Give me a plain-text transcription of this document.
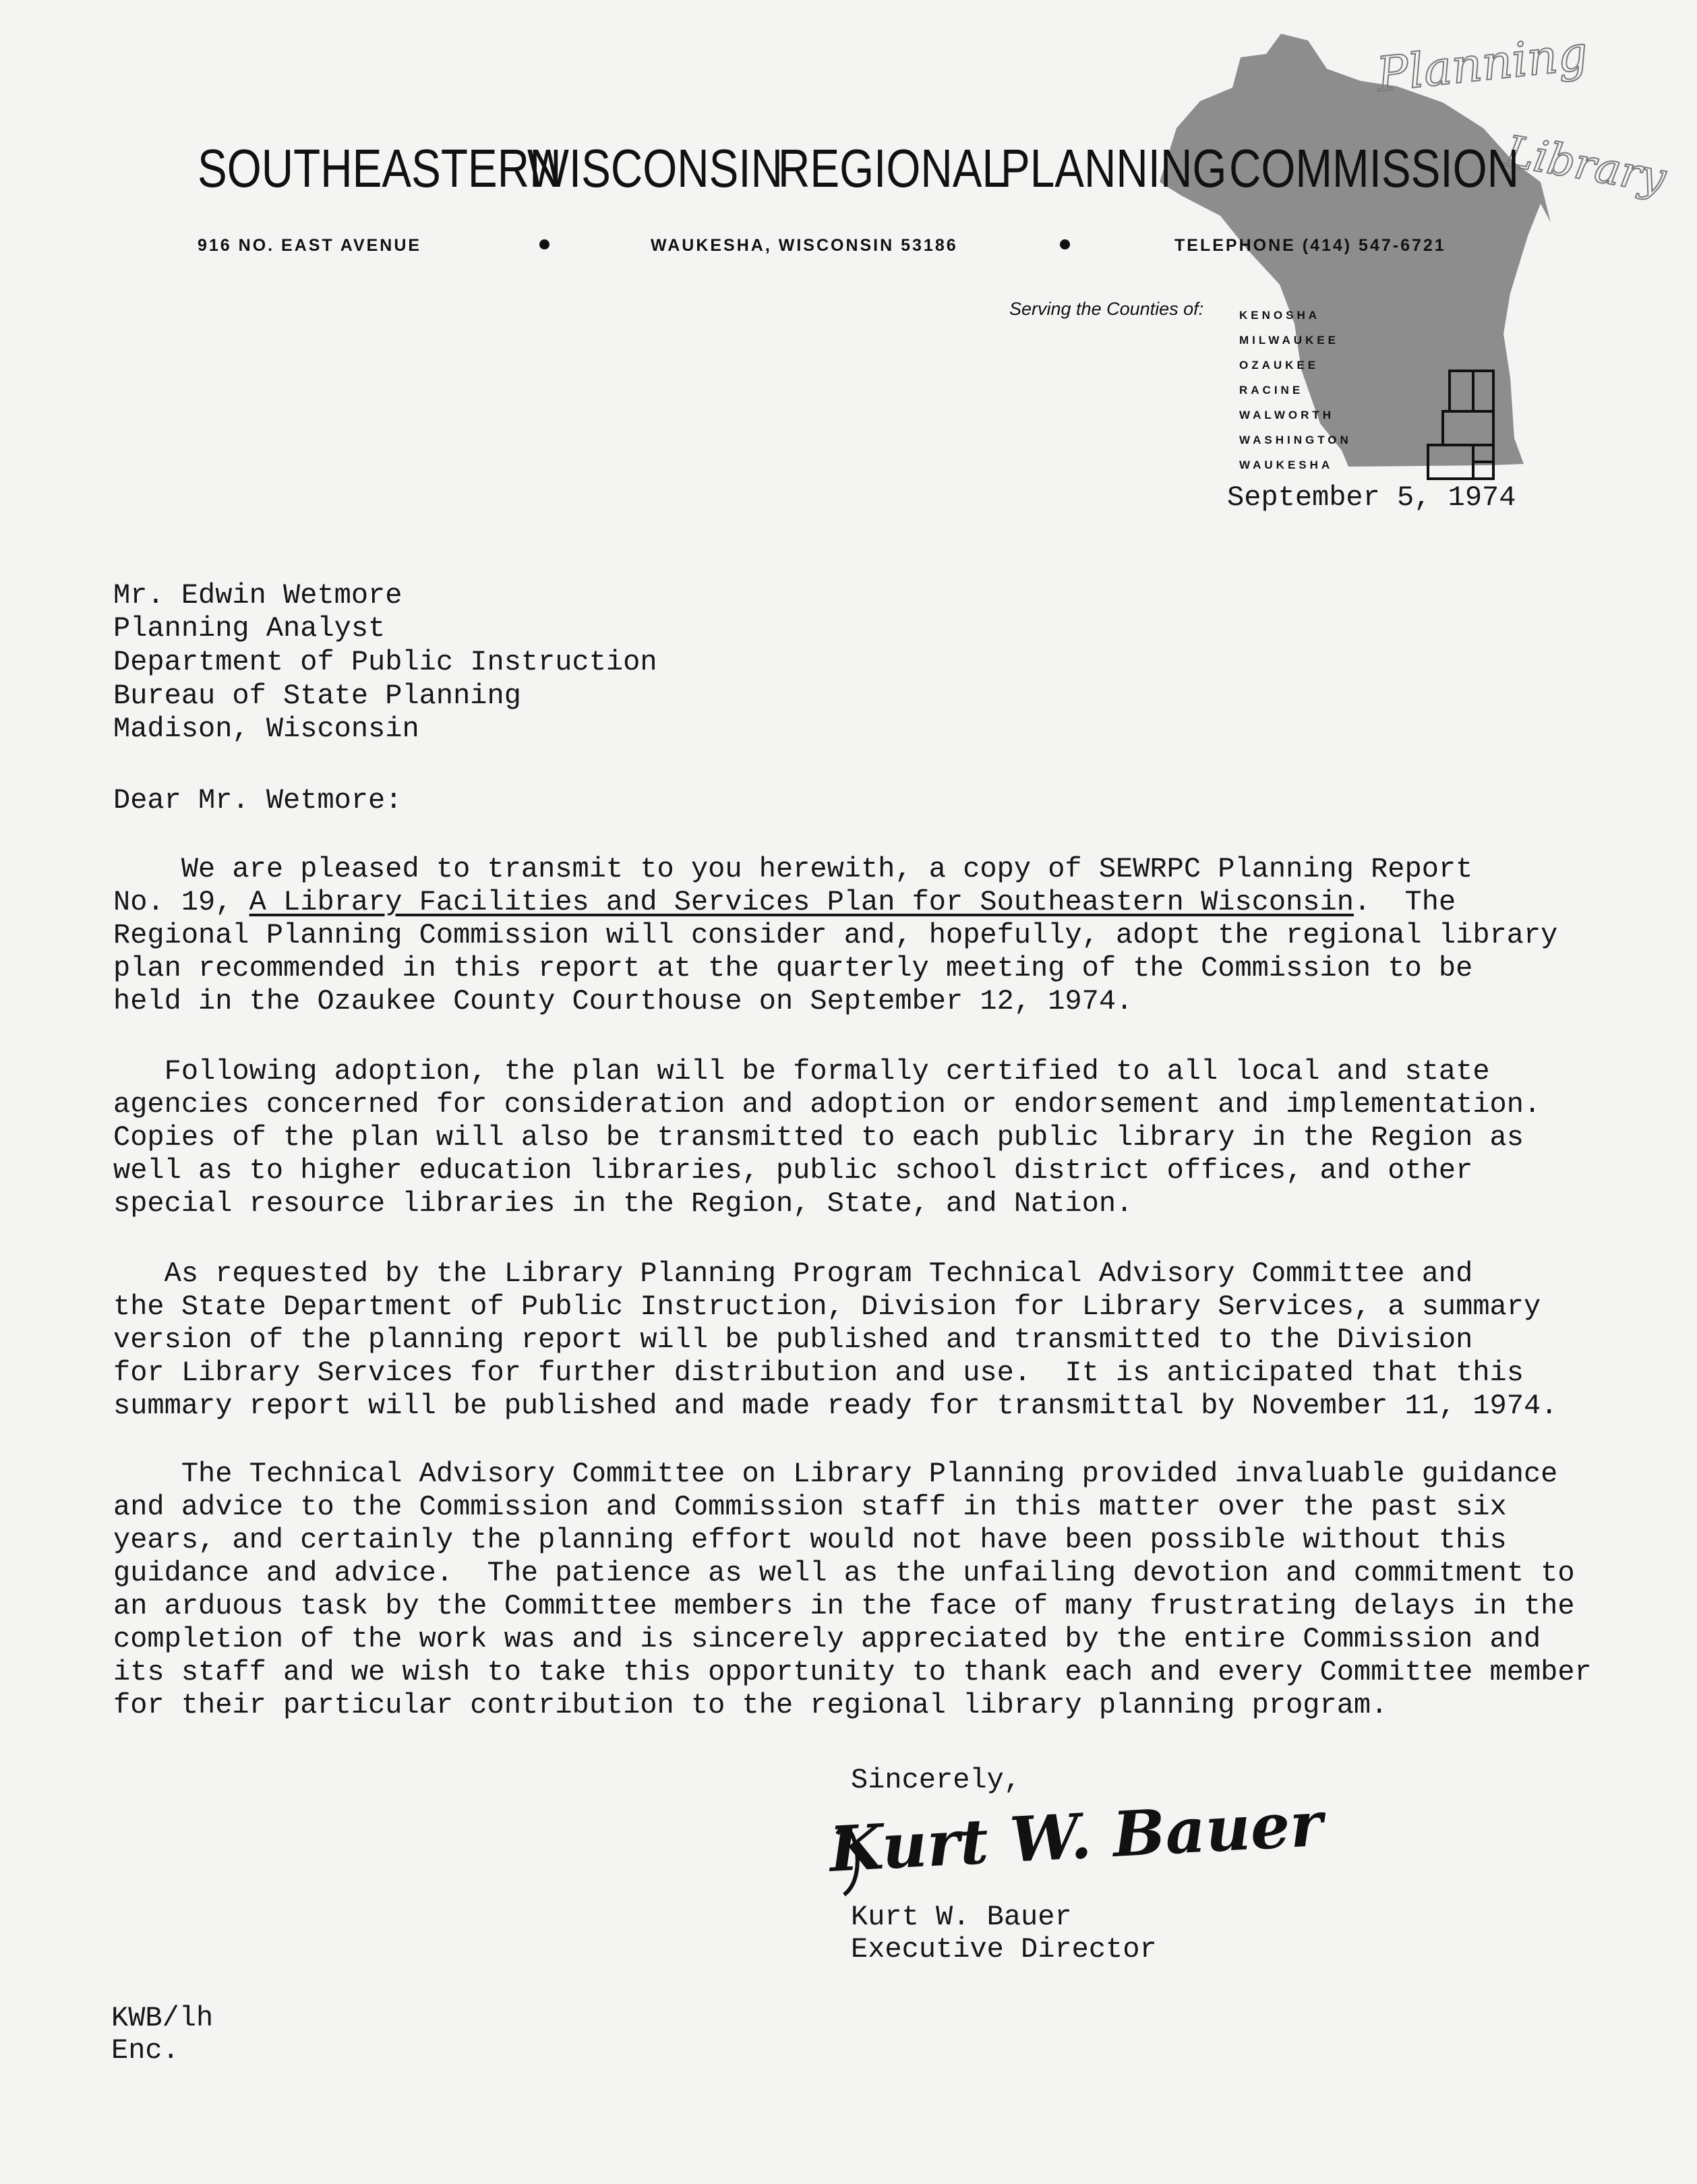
Planning
Library
SOUTHEASTERN
WISCONSIN
REGIONAL
PLANNING COMMISSION
916 NO. EAST AVENUE	WAUKESHA, WISCONSIN 53186	TELEPHONE (414) 547-6721
Serving the Counties of:	KENOSHA
MILWAUKEE
OZAUKEE
RACINE
WALWORTH
WASHINGTON
WAUKESHA
September 5, 1974
Mr. Edwin Wetmore
Planning Analyst
Department of Public Instruction
Bureau of State Planning
Madison, Wisconsin
Dear Mr. Wetmore:
We are pleased to transmit to you herewith, a copy of SEWRPC Planning Report
No. 19, A Library Facilities and Services Plan for Southeastern Wisconsin.  The
Regional Planning Commission will consider and, hopefully, adopt the regional library
plan recommended in this report at the quarterly meeting of the Commission to be
held in the Ozaukee County Courthouse on September 12, 1974.
Following adoption, the plan will be formally certified to all local and state
agencies concerned for consideration and adoption or endorsement and implementation.
Copies of the plan will also be transmitted to each public library in the Region as
well as to higher education libraries, public school district offices, and other
special resource libraries in the Region, State, and Nation.
As requested by the Library Planning Program Technical Advisory Committee and
the State Department of Public Instruction, Division for Library Services, a summary
version of the planning report will be published and transmitted to the Division
for Library Services for further distribution and use.  It is anticipated that this
summary report will be published and made ready for transmittal by November 11, 1974.
The Technical Advisory Committee on Library Planning provided invaluable guidance
and advice to the Commission and Commission staff in this matter over the past six
years, and certainly the planning effort would not have been possible without this
guidance and advice.  The patience as well as the unfailing devotion and commitment to
an arduous task by the Committee members in the face of many frustrating delays in the
completion of the work was and is sincerely appreciated by the entire Commission and
its staff and we wish to take this opportunity to thank each and every Committee member
for their particular contribution to the regional library planning program.
Sincerely,
Kurt W. Bauer
Kurt W. Bauer
Executive Director
KWB/lh
Enc.
